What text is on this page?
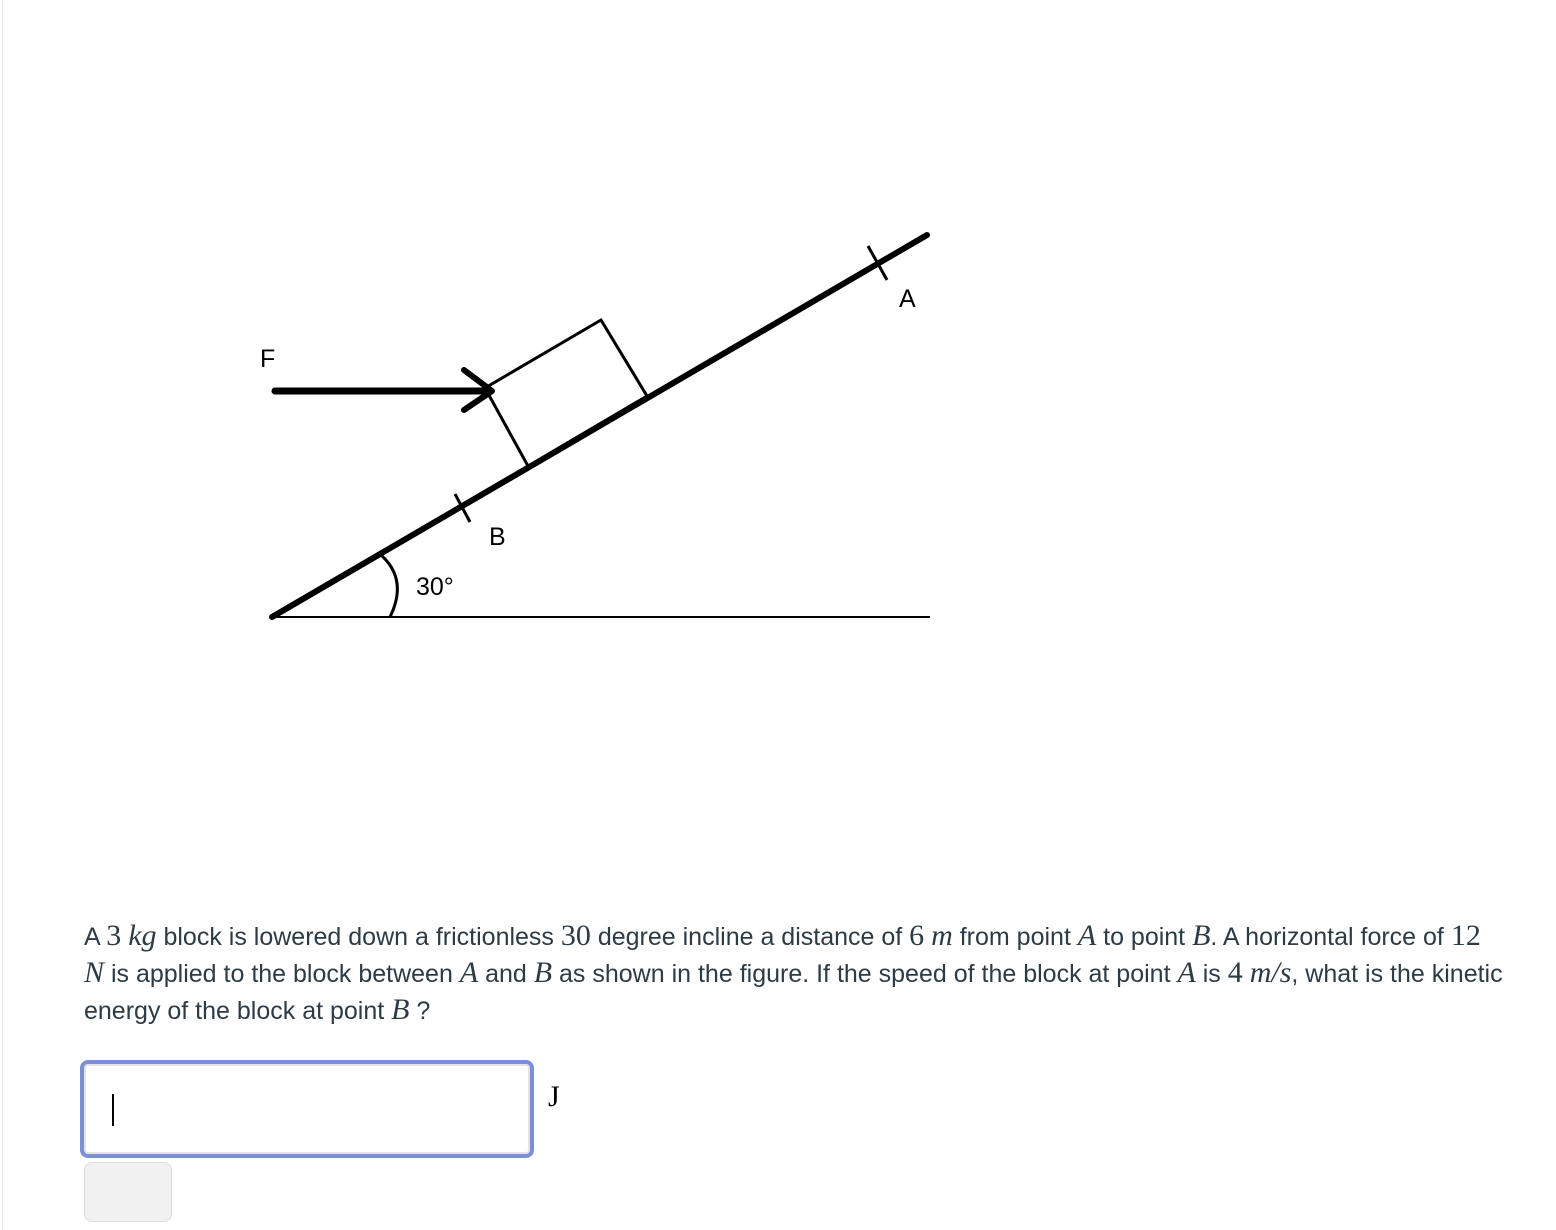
F
A
B
30°
A 3 kg block is lowered down a frictionless 30 degree incline a distance of 6 m from point A to point B. A horizontal force of 12 N is applied to the block between A and B as shown in the figure. If the speed of the block at point A is 4 m/s, what is the kinetic energy of the block at point B ?
J
